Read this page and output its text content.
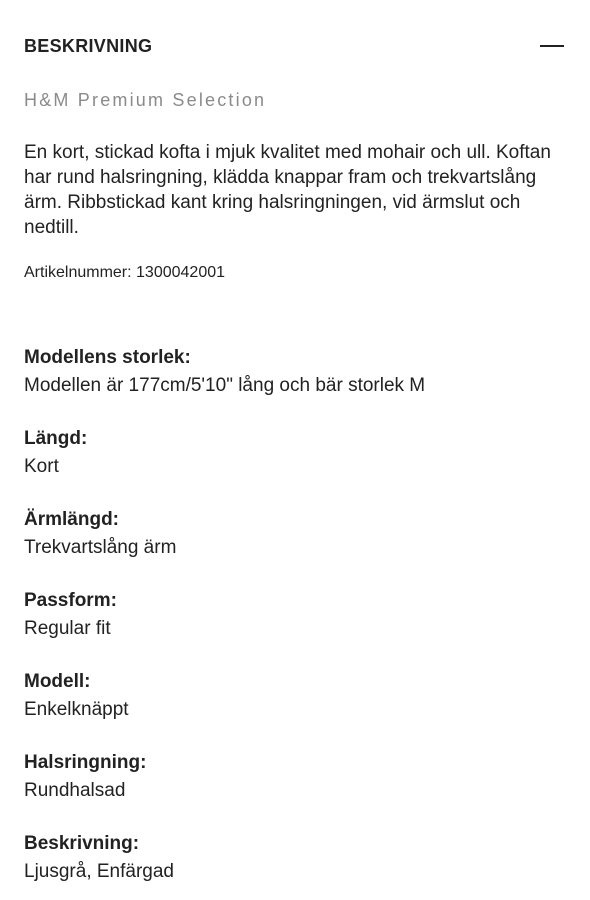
BESKRIVNING
H&M Premium Selection

En kort, stickad kofta i mjuk kvalitet med mohair och ull. Koftan har rund halsringning, klädda knappar fram och trekvartslång ärm. Ribbstickad kant kring halsringningen, vid ärmslut och nedtill.

Artikelnummer: 1300042001
Modellens storlek:
Modellen är 177cm/5'10" lång och bär storlek M
Längd:
Kort
Ärmlängd:
Trekvartslång ärm
Passform:
Regular fit
Modell:
Enkelknäppt
Halsringning:
Rundhalsad
Beskrivning:
Ljusgrå, Enfärgad
